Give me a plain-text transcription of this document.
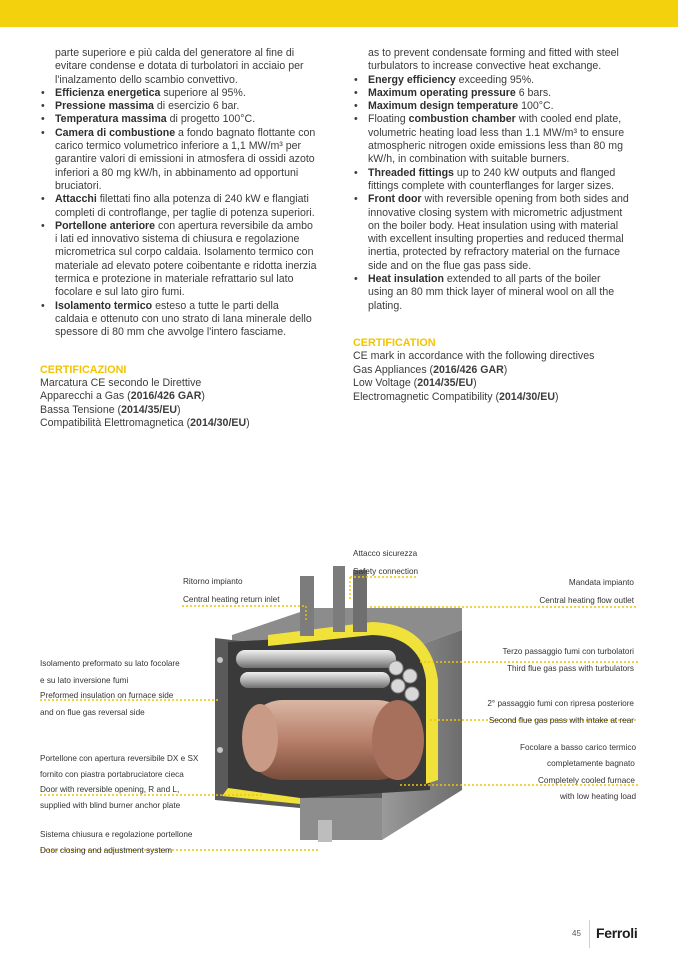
parte superiore e più calda del generatore al fine di
evitare condense e dotata di turbolatori in acciaio per
l'inalzamento dello scambio convettivo.
• Efficienza energetica superiore al 95%.
• Pressione massima di esercizio 6 bar.
• Temperatura massima di progetto 100°C.
• Camera di combustione a fondo bagnato flottante con
carico termico volumetrico inferiore a 1,1 MW/m³ per
garantire valori di emissioni in atmosfera di ossidi azoto
inferiori a 80 mg kW/h, in abbinamento ad opportuni
bruciatori.
• Attacchi filettati fino alla potenza di 240 kW e flangiati
completi di controflange, per taglie di potenza superiori.
• Portellone anteriore con apertura reversibile da ambo
i lati ed innovativo sistema di chiusura e regolazione
micrometrica sul corpo caldaia. Isolamento termico con
materiale ad elevato potere coibentante e ridotta inerzia
termica e protezione in materiale refrattario sul lato
focolare e sul lato giro fumi.
• Isolamento termico esteso a tutte le parti della
caldaia e ottenuto con uno strato di lana minerale dello
spessore di 80 mm che avvolge l'intero fasciame.
CERTIFICAZIONI
Marcatura CE secondo le Direttive
Apparecchi a Gas (2016/426 GAR)
Bassa Tensione (2014/35/EU)
Compatibilità Elettromagnetica (2014/30/EU)
as to prevent condensate forming and fitted with steel
turbulators to increase convective heat exchange.
• Energy efficiency exceeding 95%.
• Maximum operating pressure 6 bars.
• Maximum design temperature 100°C.
• Floating combustion chamber with cooled end plate,
volumetric heating load less than 1.1 MW/m³ to ensure
atmospheric nitrogen oxide emissions less than 80 mg
kW/h, in combination with suitable burners.
• Threaded fittings up to 240 kW outputs and flanged
fittings complete with counterflanges for larger sizes.
• Front door with reversible opening from both sides and
innovative closing system with micrometric adjustment
on the boiler body. Heat insulation using with material
with excellent insulting properties and reduced thermal
inertia, protected by refractory material on the furnace
side and on the flue gas pass side.
• Heat insulation extended to all parts of the boiler
using an 80 mm thick layer of mineral wool on all the
plating.
CERTIFICATION
CE mark in accordance with the following directives
Gas Appliances (2016/426 GAR)
Low Voltage (2014/35/EU)
Electromagnetic Compatibility (2014/30/EU)
Attacco sicurezza
Safety connection
Ritorno impianto
Central heating return inlet
Mandata impianto
Central heating flow outlet
Terzo passaggio fumi con turbolatori
Third flue gas pass with turbulators
2° passaggio fumi con ripresa posteriore
Second flue gas pass with intake at rear
Focolare a basso carico termico
completamente bagnato
Completely cooled furnace
with low heating load
Isolamento preformato su lato focolare
e su lato inversione fumi
Preformed insulation on furnace side
and on flue gas reversal side
Portellone con apertura reversibile DX e SX
fornito con piastra portabruciatore cieca
Door with reversible opening, R and L,
supplied with blind burner anchor plate
Sistema chiusura e regolazione portellone
Door closing and adjustment system
45 Ferroli
